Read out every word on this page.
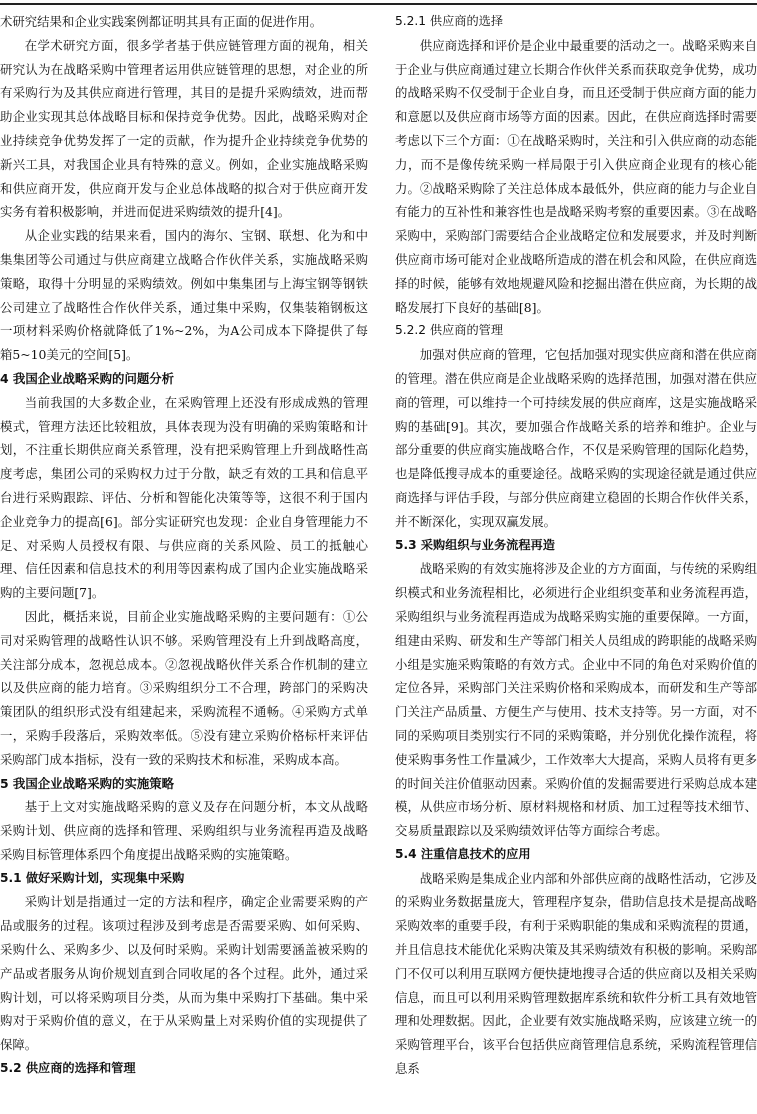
术研究结果和企业实践案例都证明其具有正面的促进作用。

在学术研究方面，很多学者基于供应链管理方面的视角，相关研究认为在战略采购中管理者运用供应链管理的思想，对企业的所有采购行为及其供应商进行管理，其目的是提升采购绩效，进而帮助企业实现其总体战略目标和保持竞争优势。因此，战略采购对企业持续竞争优势发挥了一定的贡献，作为提升企业持续竞争优势的新兴工具，对我国企业具有特殊的意义。例如，企业实施战略采购和供应商开发，供应商开发与企业总体战略的拟合对于供应商开发实务有着积极影响，并进而促进采购绩效的提升[4]。

从企业实践的结果来看，国内的海尔、宝钢、联想、化为和中集集团等公司通过与供应商建立战略合作伙伴关系，实施战略采购策略，取得十分明显的采购绩效。例如中集集团与上海宝钢等钢铁公司建立了战略性合作伙伴关系，通过集中采购，仅集装箱钢板这一项材料采购价格就降低了1%~2%，为A公司成本下降提供了每箱5~10美元的空间[5]。

4 我国企业战略采购的问题分析

当前我国的大多数企业，在采购管理上还没有形成成熟的管理模式，管理方法还比较粗放，具体表现为没有明确的采购策略和计划，不注重长期供应商关系管理，没有把采购管理上升到战略性高度考虑，集团公司的采购权力过于分散，缺乏有效的工具和信息平台进行采购跟踪、评估、分析和智能化决策等等，这很不利于国内企业竞争力的提高[6]。部分实证研究也发现：企业自身管理能力不足、对采购人员授权有限、与供应商的关系风险、员工的抵触心理、信任因素和信息技术的利用等因素构成了国内企业实施战略采购的主要问题[7]。

因此，概括来说，目前企业实施战略采购的主要问题有：①公司对采购管理的战略性认识不够。采购管理没有上升到战略高度，关注部分成本，忽视总成本。②忽视战略伙伴关系合作机制的建立以及供应商的能力培育。③采购组织分工不合理，跨部门的采购决策团队的组织形式没有组建起来，采购流程不通畅。④采购方式单一，采购手段落后，采购效率低。⑤没有建立采购价格标杆来评估采购部门成本指标，没有一致的采购技术和标准，采购成本高。

5 我国企业战略采购的实施策略

基于上文对实施战略采购的意义及存在问题分析，本文从战略采购计划、供应商的选择和管理、采购组织与业务流程再造及战略采购目标管理体系四个角度提出战略采购的实施策略。

5.1 做好采购计划，实现集中采购

采购计划是指通过一定的方法和程序，确定企业需要采购的产品或服务的过程。该项过程涉及到考虑是否需要采购、如何采购、采购什么、采购多少、以及何时采购。采购计划需要涵盖被采购的产品或者服务从询价规划直到合同收尾的各个过程。此外，通过采购计划，可以将采购项目分类，从而为集中采购打下基础。集中采购对于采购价值的意义，在于从采购量上对采购价值的实现提供了保障。

5.2 供应商的选择和管理
5.2.1 供应商的选择

供应商选择和评价是企业中最重要的活动之一。战略采购来自于企业与供应商通过建立长期合作伙伴关系而获取竞争优势，成功的战略采购不仅受制于企业自身，而且还受制于供应商方面的能力和意愿以及供应商市场等方面的因素。因此，在供应商选择时需要考虑以下三个方面：①在战略采购时，关注和引入供应商的动态能力，而不是像传统采购一样局限于引入供应商企业现有的核心能力。②战略采购除了关注总体成本最低外，供应商的能力与企业自有能力的互补性和兼容性也是战略采购考察的重要因素。③在战略采购中，采购部门需要结合企业战略定位和发展要求，并及时判断供应商市场可能对企业战略所造成的潜在机会和风险，在供应商选择的时候，能够有效地规避风险和挖掘出潜在供应商，为长期的战略发展打下良好的基础[8]。

5.2.2 供应商的管理

加强对供应商的管理，它包括加强对现实供应商和潜在供应商的管理。潜在供应商是企业战略采购的选择范围，加强对潜在供应商的管理，可以维持一个可持续发展的供应商库，这是实施战略采购的基础[9]。其次，要加强合作战略关系的培养和维护。企业与部分重要的供应商实施战略合作，不仅是采购管理的国际化趋势，也是降低搜寻成本的重要途径。战略采购的实现途径就是通过供应商选择与评估手段，与部分供应商建立稳固的长期合作伙伴关系，并不断深化，实现双赢发展。

5.3 采购组织与业务流程再造

战略采购的有效实施将涉及企业的方方面面，与传统的采购组织模式和业务流程相比，必须进行企业组织变革和业务流程再造，采购组织与业务流程再造成为战略采购实施的重要保障。一方面，组建由采购、研发和生产等部门相关人员组成的跨职能的战略采购小组是实施采购策略的有效方式。企业中不同的角色对采购价值的定位各异，采购部门关注采购价格和采购成本，而研发和生产等部门关注产品质量、方便生产与使用、技术支持等。另一方面，对不同的采购项目类别实行不同的采购策略，并分别优化操作流程，将使采购事务性工作量减少，工作效率大大提高，采购人员将有更多的时间关注价值驱动因素。采购价值的发掘需要进行采购总成本建模，从供应市场分析、原材料规格和材质、加工过程等技术细节、交易质量跟踪以及采购绩效评估等方面综合考虑。

5.4 注重信息技术的应用

战略采购是集成企业内部和外部供应商的战略性活动，它涉及的采购业务数据量庞大，管理程序复杂，借助信息技术是提高战略采购效率的重要手段，有利于采购职能的集成和采购流程的贯通，并且信息技术能优化采购决策及其采购绩效有积极的影响。采购部门不仅可以利用互联网方便快捷地搜寻合适的供应商以及相关采购信息，而且可以利用采购管理数据库系统和软件分析工具有效地管理和处理数据。因此，企业要有效实施战略采购，应该建立统一的采购管理平台，该平台包括供应商管理信息系统，采购流程管理信息系
